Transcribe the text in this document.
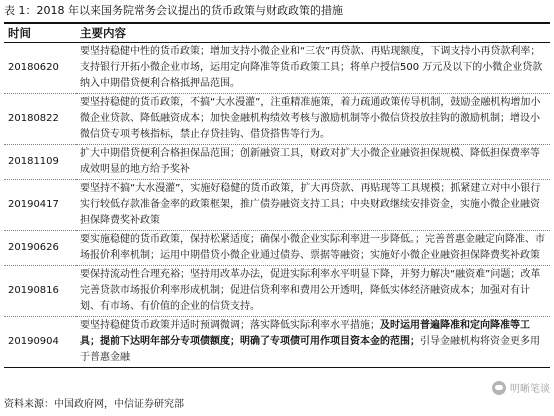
表 1：2018 年以来国务院常务会议提出的货币政策与财政政策的措施
时间	主要内容
20180620	要坚持稳健中性的货币政策；增加支持小微企业和“三农”再贷款、再贴现额度，下调支持小再贷款利率；支持银行开拓小微企业市场，运用定向降准等货币政策工具；将单户授信500 万元及以下的小微企业贷款纳入中期借贷便利合格抵押品范围。
20180822	要坚持稳健的货币政策，不搞“大水漫灌”，注重精准施策，着力疏通政策传导机制，鼓励金融机构增加小微企业贷款、降低融资成本；加快金融机构绩效考核与激励机制等小微信贷投放挂钩的激励机制；增设小微信贷专项考核指标，禁止存贷挂钩、借贷搭售等行为。
20181109	扩大中期借贷便利合格担保品范围；创新融资工具，财政对扩大小微企业融资担保规模、降低担保费率等成效明显的地方给予奖补
20190417	要坚持不搞“大水漫灌”，实施好稳健的货币政策，扩大再贷款、再贴现等工具规模；抓紧建立对中小银行实行较低存款准备金率的政策框架，推广债券融资支持工具；中央财政继续安排资金，实施小微企业融资担保降费奖补政策
20190626	要实施稳健的货币政策，保持松紧适度；确保小微企业实际利率进一步降低。；完善普惠金融定向降准、市场报价利率机制；运用中期借贷小微企业通过债券、票据等融资；实施好小微企业融资担保降费奖补政策
20190816	要保持流动性合理充裕；坚持用改革办法，促进实际利率水平明显下降，并努力解决“融资难”问题；改革完善贷款市场报价利率形成机制；促进信贷利率和费用公开透明，降低实体经济融资成本；加强对有计划、有市场、有价值的企业的信贷支持。
20190904	要坚持稳健货币政策并适时预调微调；落实降低实际利率水平措施；及时运用普遍降准和定向降准等工具；提前下达明年部分专项债额度；明确了专项债可用作项目资本金的范围；引导金融机构将资金更多用于普惠金融
资料来源：中国政府网，中信证券研究部
明晰笔谈
